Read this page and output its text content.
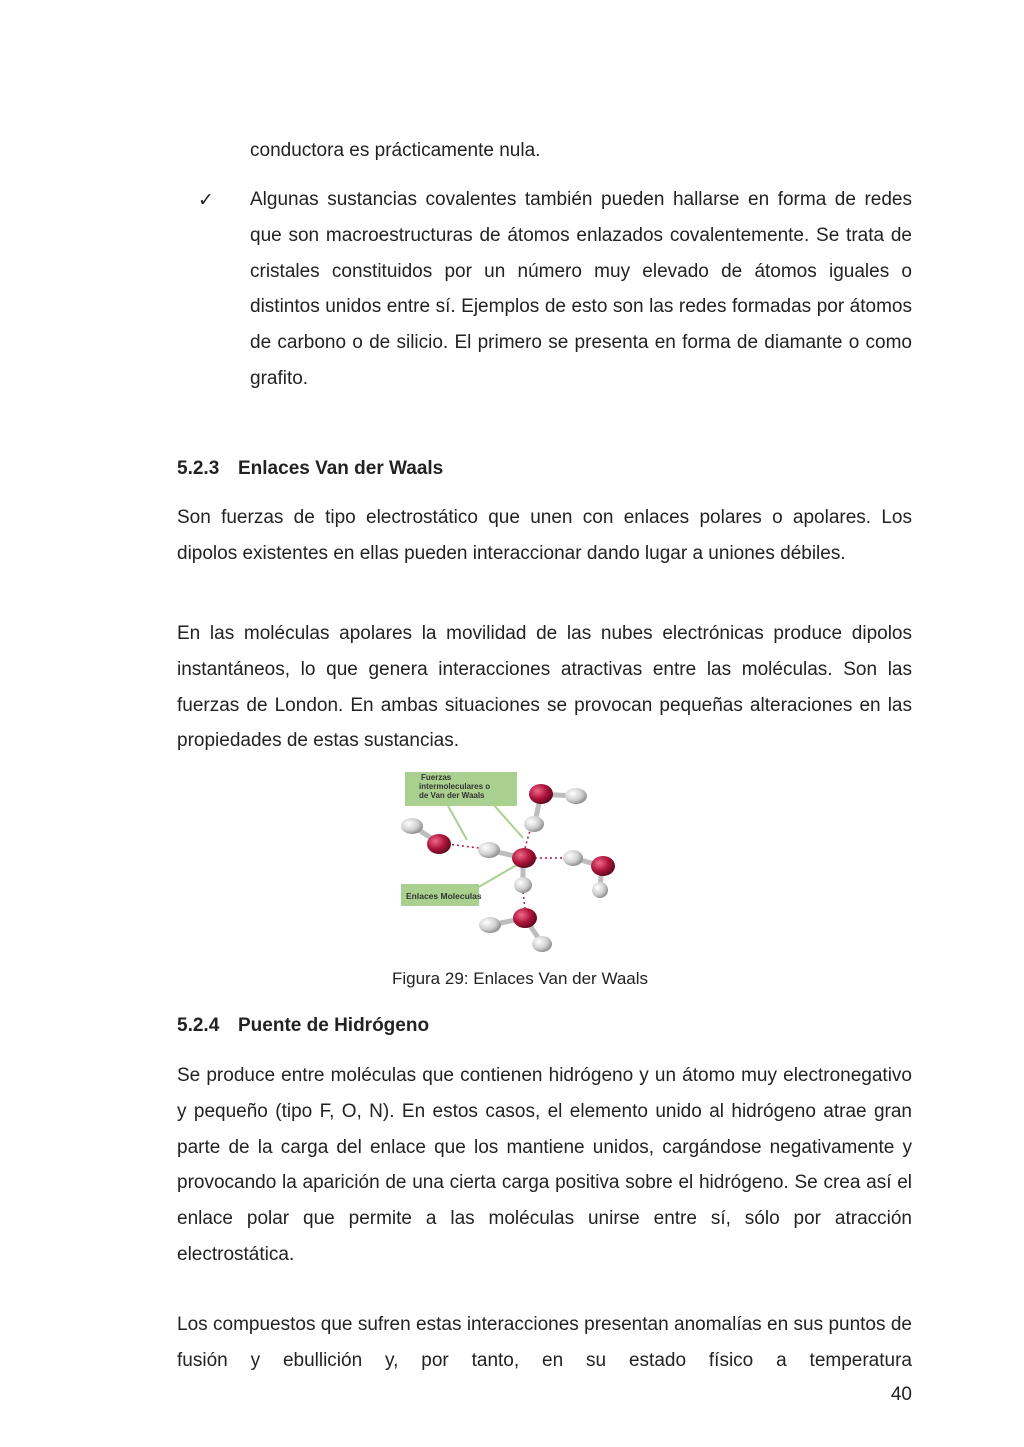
conductora es prácticamente nula.

✓ Algunas sustancias covalentes también pueden hallarse en forma de redes que son macroestructuras de átomos enlazados covalentemente. Se trata de cristales constituidos por un número muy elevado de átomos iguales o distintos unidos entre sí. Ejemplos de esto son las redes formadas por átomos de carbono o de silicio. El primero se presenta en forma de diamante o como grafito.

5.2.3 Enlaces Van der Waals

Son fuerzas de tipo electrostático que unen con enlaces polares o apolares. Los dipolos existentes en ellas pueden interaccionar dando lugar a uniones débiles.

En las moléculas apolares la movilidad de las nubes electrónicas produce dipolos instantáneos, lo que genera interacciones atractivas entre las moléculas. Son las fuerzas de London. En ambas situaciones se provocan pequeñas alteraciones en las propiedades de estas sustancias.

Fuerzas
intermoleculares o
de Van der Waals
Enlaces Moleculas
Figura 29: Enlaces Van der Waals
5.2.4 Puente de Hidrógeno

Se produce entre moléculas que contienen hidrógeno y un átomo muy electronegativo y pequeño (tipo F, O, N). En estos casos, el elemento unido al hidrógeno atrae gran parte de la carga del enlace que los mantiene unidos, cargándose negativamente y provocando la aparición de una cierta carga positiva sobre el hidrógeno. Se crea así el enlace polar que permite a las moléculas unirse entre sí, sólo por atracción electrostática.

Los compuestos que sufren estas interacciones presentan anomalías en sus puntos de fusión y ebullición y, por tanto, en su estado físico a temperatura

40
